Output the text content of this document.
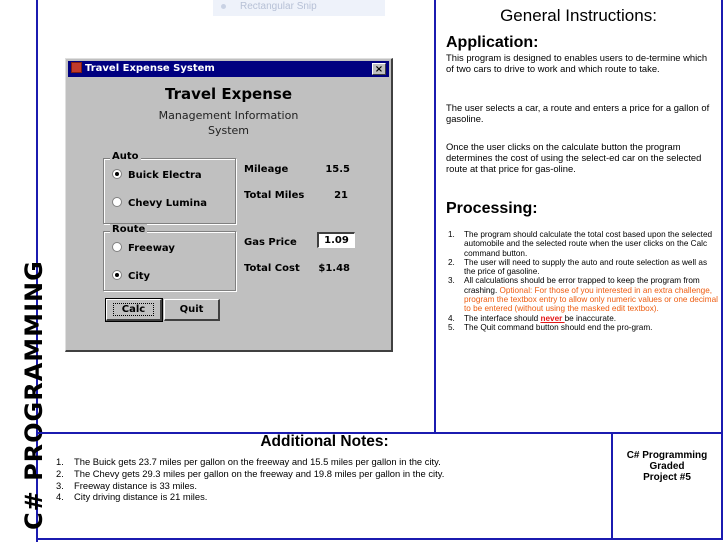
C# PROGRAMMING
Rectangular Snip
Travel Expense System	×
Travel Expense
Management Information
System
Auto
Buick Electra
Chevy Lumina
Route
Freeway
City
Mileage	15.5
Total Miles	21
Gas Price	1.09
Total Cost	$1.48
Calc	Quit
General Instructions:
Application:
This program is designed to enables users to de-termine which of two cars to drive to work and which route to take.
The user selects a car, a route and enters a price for a gallon of gasoline.
Once the user clicks on the calculate button the program determines the cost of using the select-ed car on the selected route at that price for gas-oline.
Processing:
1. The program should calculate the total cost based upon the selected automobile and the selected route when the user clicks on the Calc command button.
2. The user will need to supply the auto and route selection as well as the price of gasoline.
3. All calculations should be error trapped to keep the program from crashing. Optional: For those of you interested in an extra challenge, program the textbox entry to allow only numeric values or one decimal to be entered (without using the masked edit textbox).
4. The interface should never be inaccurate.
5. The Quit command button should end the pro-gram.
Additional Notes:
1. The Buick gets 23.7 miles per gallon on the freeway and 15.5 miles per gallon in the city.
2. The Chevy gets 29.3 miles per gallon on the freeway and 19.8 miles per gallon in the city.
3. Freeway distance is 33 miles.
4. City driving distance is 21 miles.
C# Programming
Graded
Project #5
